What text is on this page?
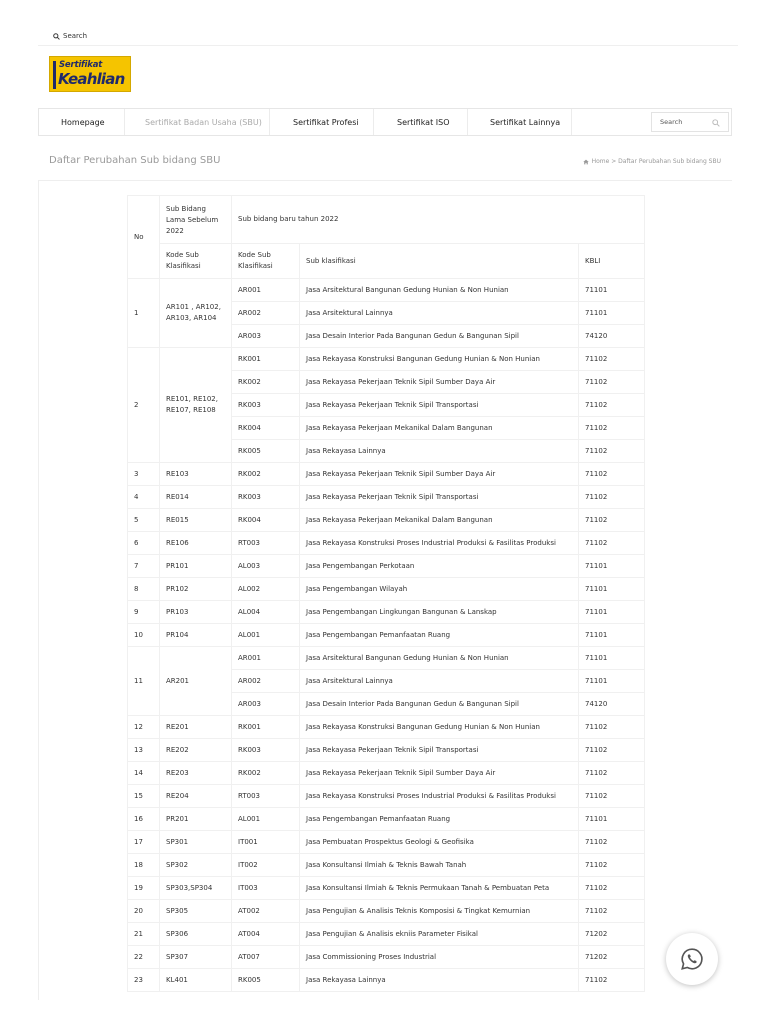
Search
Sertifikat
Keahlian
Homepage	Sertifikat Badan Usaha (SBU)	Sertifikat Profesi	Sertifikat ISO	Sertifikat Lainnya
Search
Daftar Perubahan Sub bidang SBU	Home > Daftar Perubahan Sub bidang SBU
No	Sub Bidang Lama Sebelum 2022	Sub bidang baru tahun 2022		
	Kode Sub Klasifikasi	Kode Sub Klasifikasi	Sub klasifikasi	KBLI
1	AR101 , AR102, AR103, AR104	AR001	Jasa Arsitektural Bangunan Gedung Hunian & Non Hunian	71101
		AR002	Jasa Arsitektural Lainnya	71101
		AR003	Jasa Desain Interior Pada Bangunan Gedun & Bangunan Sipil	74120
2	RE101, RE102, RE107, RE108	RK001	Jasa Rekayasa Konstruksi Bangunan Gedung Hunian & Non Hunian	71102
		RK002	Jasa Rekayasa Pekerjaan Teknik Sipil Sumber Daya Air	71102
		RK003	Jasa Rekayasa Pekerjaan Teknik Sipil Transportasi	71102
		RK004	Jasa Rekayasa Pekerjaan Mekanikal Dalam Bangunan	71102
		RK005	Jasa Rekayasa Lainnya	71102
3	RE103	RK002	Jasa Rekayasa Pekerjaan Teknik Sipil Sumber Daya Air	71102
4	RE014	RK003	Jasa Rekayasa Pekerjaan Teknik Sipil Transportasi	71102
5	RE015	RK004	Jasa Rekayasa Pekerjaan Mekanikal Dalam Bangunan	71102
6	RE106	RT003	Jasa Rekayasa Konstruksi Proses Industrial Produksi & Fasilitas Produksi	71102
7	PR101	AL003	Jasa Pengembangan Perkotaan	71101
8	PR102	AL002	Jasa Pengembangan Wilayah	71101
9	PR103	AL004	Jasa Pengembangan Lingkungan Bangunan & Lanskap	71101
10	PR104	AL001	Jasa Pengembangan Pemanfaatan Ruang	71101
11	AR201	AR001	Jasa Arsitektural Bangunan Gedung Hunian & Non Hunian	71101
		AR002	Jasa Arsitektural Lainnya	71101
		AR003	Jasa Desain Interior Pada Bangunan Gedun & Bangunan Sipil	74120
12	RE201	RK001	Jasa Rekayasa Konstruksi Bangunan Gedung Hunian & Non Hunian	71102
13	RE202	RK003	Jasa Rekayasa Pekerjaan Teknik Sipil Transportasi	71102
14	RE203	RK002	Jasa Rekayasa Pekerjaan Teknik Sipil Sumber Daya Air	71102
15	RE204	RT003	Jasa Rekayasa Konstruksi Proses Industrial Produksi & Fasilitas Produksi	71102
16	PR201	AL001	Jasa Pengembangan Pemanfaatan Ruang	71101
17	SP301	IT001	Jasa Pembuatan Prospektus Geologi & Geofisika	71102
18	SP302	IT002	Jasa Konsultansi Ilmiah & Teknis Bawah Tanah	71102
19	SP303,SP304	IT003	Jasa Konsultansi Ilmiah & Teknis Permukaan Tanah & Pembuatan Peta	71102
20	SP305	AT002	Jasa Pengujian & Analisis Teknis Komposisi & Tingkat Kemurnian	71102
21	SP306	AT004	Jasa Pengujian & Analisis ekniis Parameter Fisikal	71202
22	SP307	AT007	Jasa Commissioning Proses Industrial	71202
23	KL401	RK005	Jasa Rekayasa Lainnya	71102
